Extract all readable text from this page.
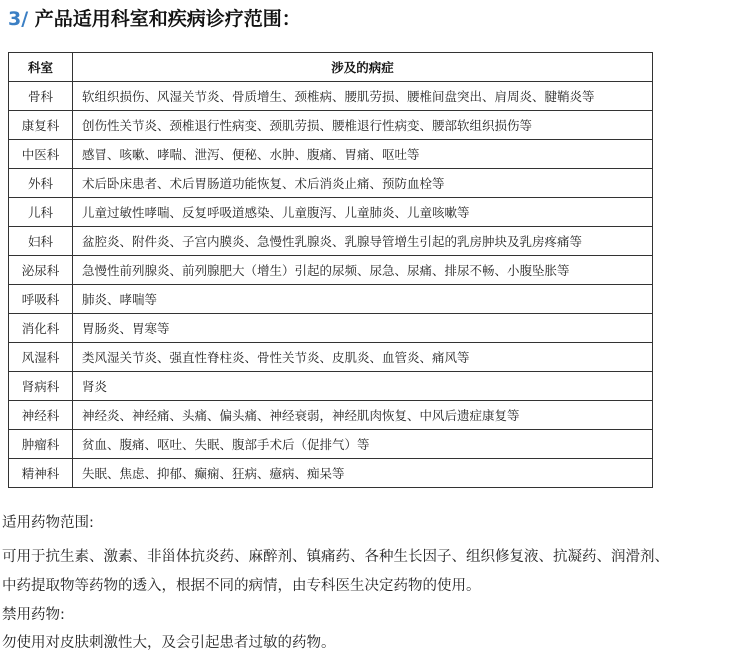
3/ 产品适用科室和疾病诊疗范围：
科室	涉及的病症
骨科	软组织损伤、风湿关节炎、骨质增生、颈椎病、腰肌劳损、腰椎间盘突出、肩周炎、腱鞘炎等
康复科	创伤性关节炎、颈椎退行性病变、颈肌劳损、腰椎退行性病变、腰部软组织损伤等
中医科	感冒、咳嗽、哮喘、泄泻、便秘、水肿、腹痛、胃痛、呕吐等
外科	术后卧床患者、术后胃肠道功能恢复、术后消炎止痛、预防血栓等
儿科	儿童过敏性哮喘、反复呼吸道感染、儿童腹泻、儿童肺炎、儿童咳嗽等
妇科	盆腔炎、附件炎、子宫内膜炎、急慢性乳腺炎、乳腺导管增生引起的乳房肿块及乳房疼痛等
泌尿科	急慢性前列腺炎、前列腺肥大（增生）引起的尿频、尿急、尿痛、排尿不畅、小腹坠胀等
呼吸科	肺炎、哮喘等
消化科	胃肠炎、胃寒等
风湿科	类风湿关节炎、强直性脊柱炎、骨性关节炎、皮肌炎、血管炎、痛风等
肾病科	肾炎
神经科	神经炎、神经痛、头痛、偏头痛、神经衰弱，神经肌肉恢复、中风后遗症康复等
肿瘤科	贫血、腹痛、呕吐、失眠、腹部手术后（促排气）等
精神科	失眠、焦虑、抑郁、癫痫、狂病、癔病、痴呆等
适用药物范围:
可用于抗生素、激素、非甾体抗炎药、麻醉剂、镇痛药、各种生长因子、组织修复液、抗凝药、润滑剂、
中药提取物等药物的透入，根据不同的病情，由专科医生决定药物的使用。
禁用药物:
勿使用对皮肤刺激性大，及会引起患者过敏的药物。
